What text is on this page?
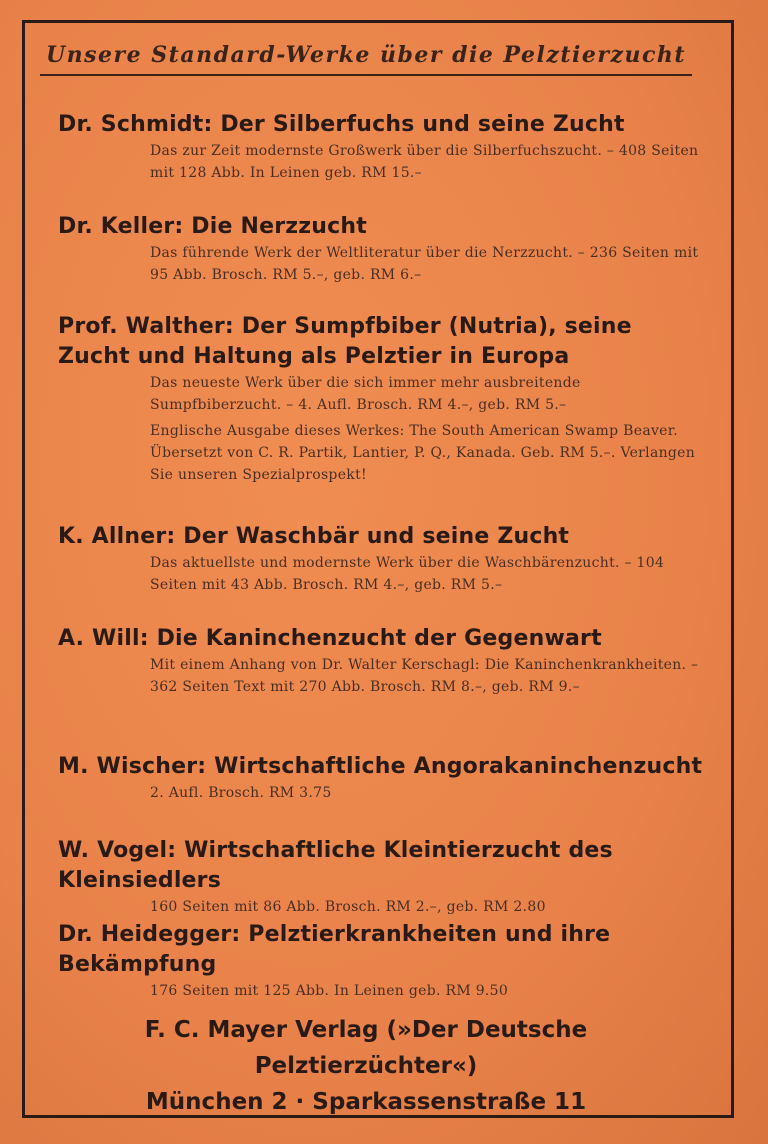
Unsere Standard-Werke über die Pelztierzucht
Dr. Schmidt: Der Silberfuchs und seine Zucht
Das zur Zeit modernste Großwerk über die Silberfuchszucht. – 408 Seiten mit 128 Abb. In Leinen geb. RM 15.–
Dr. Keller: Die Nerzzucht
Das führende Werk der Weltliteratur über die Nerzzucht. – 236 Seiten mit 95 Abb. Brosch. RM 5.–, geb. RM 6.–
Prof. Walther: Der Sumpfbiber (Nutria), seine Zucht und Haltung als Pelztier in Europa
Das neueste Werk über die sich immer mehr ausbreitende Sumpfbiberzucht. – 4. Aufl. Brosch. RM 4.–, geb. RM 5.–
Englische Ausgabe dieses Werkes: The South American Swamp Beaver. Übersetzt von C. R. Partik, Lantier, P. Q., Kanada. Geb. RM 5.–. Verlangen Sie unseren Spezialprospekt!
K. Allner: Der Waschbär und seine Zucht
Das aktuellste und modernste Werk über die Waschbärenzucht. – 104 Seiten mit 43 Abb. Brosch. RM 4.–, geb. RM 5.–
A. Will: Die Kaninchenzucht der Gegenwart
Mit einem Anhang von Dr. Walter Kerschagl: Die Kaninchenkrankheiten. – 362 Seiten Text mit 270 Abb. Brosch. RM 8.–, geb. RM 9.–
M. Wischer: Wirtschaftliche Angorakaninchenzucht
2. Aufl. Brosch. RM 3.75
W. Vogel: Wirtschaftliche Kleintierzucht des Kleinsiedlers
160 Seiten mit 86 Abb. Brosch. RM 2.–, geb. RM 2.80
Dr. Heidegger: Pelztierkrankheiten und ihre Bekämpfung
176 Seiten mit 125 Abb. In Leinen geb. RM 9.50
F. C. Mayer Verlag (»Der Deutsche Pelztierzüchter«)
München 2 · Sparkassenstraße 11
